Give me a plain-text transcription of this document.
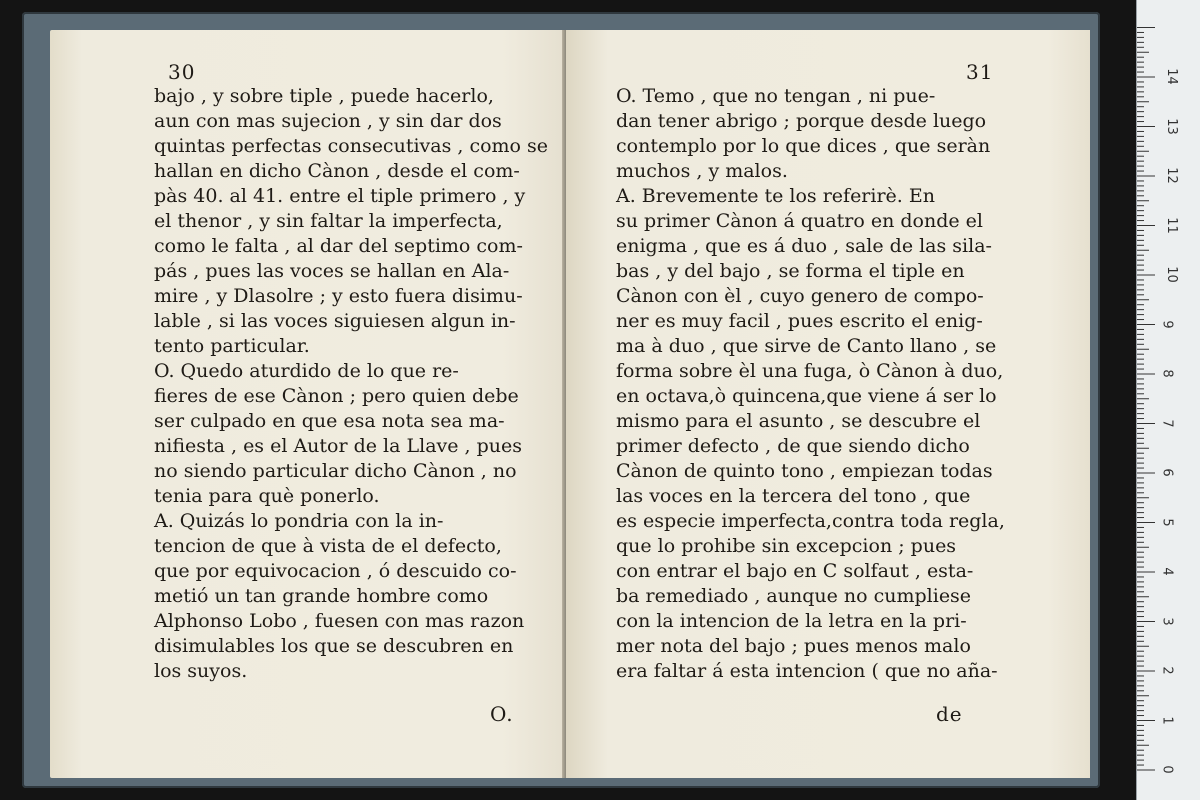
30
bajo , y sobre tiple , puede hacerlo,
aun con mas sujecion , y sin dar dos
quintas perfectas consecutivas , como se
hallan en dicho Cànon , desde el com-
pàs 40. al 41. entre el tiple primero , y
el thenor , y sin faltar la imperfecta,
como le falta , al dar del septimo com-
pás , pues las voces se hallan en Ala-
mire , y Dlasolre ; y esto fuera disimu-
lable , si las voces siguiesen algun in-
tento particular.
O. Quedo aturdido de lo que re-
fieres de ese Cànon ; pero quien debe
ser culpado en que esa nota sea ma-
nifiesta , es el Autor de la Llave , pues
no siendo particular dicho Cànon , no
tenia para què ponerlo.
A. Quizás lo pondria con la in-
tencion de que à vista de el defecto,
que por equivocacion , ó descuido co-
metió un tan grande hombre como
Alphonso Lobo , fuesen con mas razon
disimulables los que se descubren en
los suyos.
O.
31
O. Temo , que no tengan , ni pue-
dan tener abrigo ; porque desde luego
contemplo por lo que dices , que seràn
muchos , y malos.
A. Brevemente te los referirè. En
su primer Cànon á quatro en donde el
enigma , que es á duo , sale de las sila-
bas , y del bajo , se forma el tiple en
Cànon con èl , cuyo genero de compo-
ner es muy facil , pues escrito el enig-
ma à duo , que sirve de Canto llano , se
forma sobre èl una fuga, ò Cànon à duo,
en octava,ò quincena,que viene á ser lo
mismo para el asunto , se descubre el
primer defecto , de que siendo dicho
Cànon de quinto tono , empiezan todas
las voces en la tercera del tono , que
es especie imperfecta,contra toda regla,
que lo prohibe sin excepcion ; pues
con entrar el bajo en C solfaut , esta-
ba remediado , aunque no cumpliese
con la intencion de la letra en la pri-
mer nota del bajo ; pues menos malo
era faltar á esta intencion ( que no aña-
de
0
1
2
3
4
5
6
7
8
9
10
11
12
13
14
